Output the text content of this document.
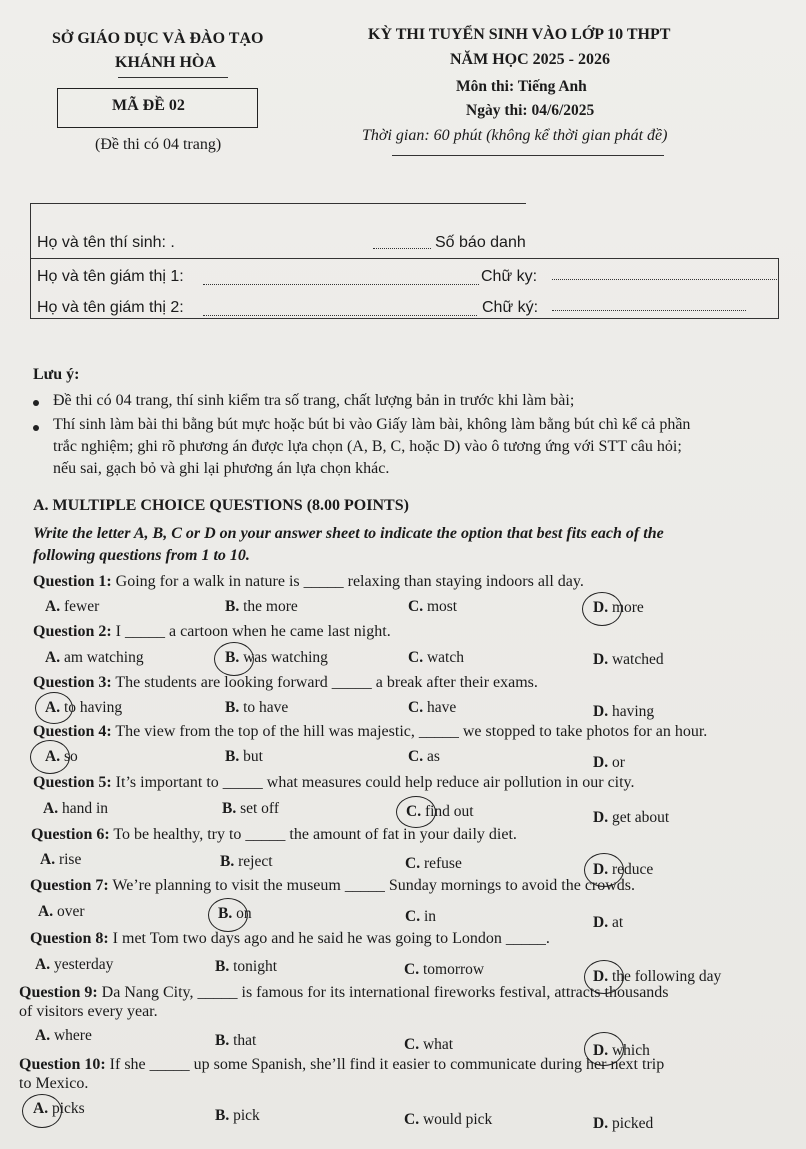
SỞ GIÁO DỤC VÀ ĐÀO TẠO
KHÁNH HÒA
MÃ ĐỀ 02
(Đề thi có 04 trang)
KỲ THI TUYỂN SINH VÀO LỚP 10 THPT
NĂM HỌC 2025 - 2026
Môn thi: Tiếng Anh
Ngày thi: 04/6/2025
Thời gian: 60 phút (không kể thời gian phát đề)
Họ và tên thí sinh: .	Số báo danh
Họ và tên giám thị 1:	Chữ ky:
Họ và tên giám thị 2:	Chữ ký:
Lưu ý:
Đề thi có 04 trang, thí sinh kiểm tra số trang, chất lượng bản in trước khi làm bài;
Thí sinh làm bài thi bằng bút mực hoặc bút bi vào Giấy làm bài, không làm bằng bút chì kể cả phần
trắc nghiệm; ghi rõ phương án được lựa chọn (A, B, C, hoặc D) vào ô tương ứng với STT câu hỏi;
nếu sai, gạch bỏ và ghi lại phương án lựa chọn khác.
A. MULTIPLE CHOICE QUESTIONS (8.00 POINTS)
Write the letter A, B, C or D on your answer sheet to indicate the option that best fits each of the
following questions from 1 to 10.
Question 1: Going for a walk in nature is _____ relaxing than staying indoors all day.
A. fewer	B. the more	C. most	D. more
Question 2: I _____ a cartoon when he came last night.
A. am watching	B. was watching	C. watch	D. watched
Question 3: The students are looking forward _____ a break after their exams.
A. to having	B. to have	C. have	D. having
Question 4: The view from the top of the hill was majestic, _____ we stopped to take photos for an hour.
A. so	B. but	C. as	D. or
Question 5: It’s important to _____ what measures could help reduce air pollution in our city.
A. hand in	B. set off	C. find out	D. get about
Question 6: To be healthy, try to _____ the amount of fat in your daily diet.
A. rise	B. reject	C. refuse	D. reduce
Question 7: We’re planning to visit the museum _____ Sunday mornings to avoid the crowds.
A. over	B. on	C. in	D. at
Question 8: I met Tom two days ago and he said he was going to London _____.
A. yesterday	B. tonight	C. tomorrow	D. the following day
Question 9: Da Nang City, _____ is famous for its international fireworks festival, attracts thousands
of visitors every year.
A. where	B. that	C. what	D. which
Question 10: If she _____ up some Spanish, she’ll find it easier to communicate during her next trip
to Mexico.
A. picks	B. pick	C. would pick	D. picked
